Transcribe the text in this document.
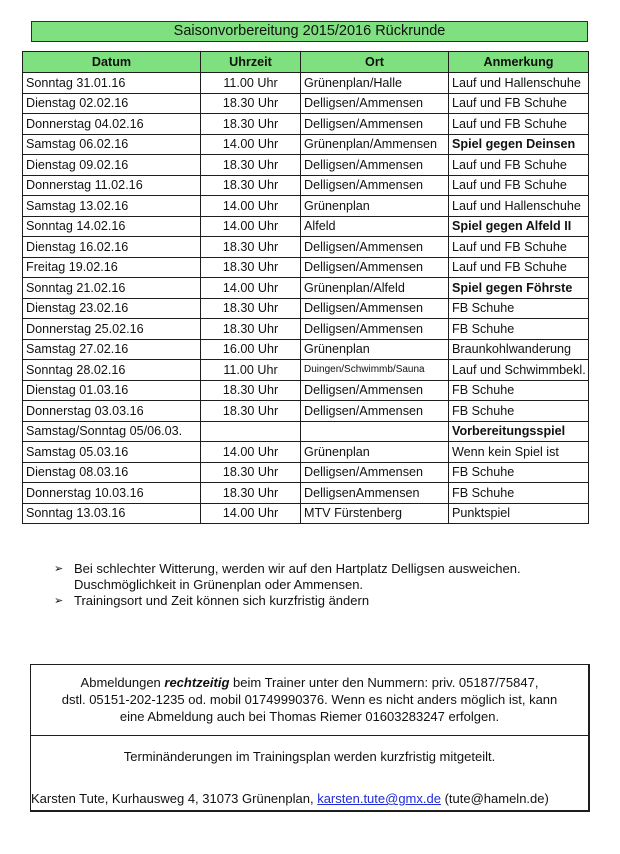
Saisonvorbereitung 2015/2016 Rückrunde
Datum	Uhrzeit	Ort	Anmerkung
Sonntag 31.01.16	11.00 Uhr	Grünenplan/Halle	Lauf und Hallenschuhe
Dienstag 02.02.16	18.30 Uhr	Delligsen/Ammensen	Lauf und FB Schuhe
Donnerstag 04.02.16	18.30 Uhr	Delligsen/Ammensen	Lauf und FB Schuhe
Samstag 06.02.16	14.00 Uhr	Grünenplan/Ammensen	Spiel gegen Deinsen
Dienstag 09.02.16	18.30 Uhr	Delligsen/Ammensen	Lauf und FB Schuhe
Donnerstag 11.02.16	18.30 Uhr	Delligsen/Ammensen	Lauf und FB Schuhe
Samstag 13.02.16	14.00 Uhr	Grünenplan	Lauf und Hallenschuhe
Sonntag 14.02.16	14.00 Uhr	Alfeld	Spiel gegen Alfeld II
Dienstag 16.02.16	18.30 Uhr	Delligsen/Ammensen	Lauf und FB Schuhe
Freitag 19.02.16	18.30 Uhr	Delligsen/Ammensen	Lauf und FB Schuhe
Sonntag 21.02.16	14.00 Uhr	Grünenplan/Alfeld	Spiel gegen Föhrste
Dienstag 23.02.16	18.30 Uhr	Delligsen/Ammensen	FB Schuhe
Donnerstag 25.02.16	18.30 Uhr	Delligsen/Ammensen	FB Schuhe
Samstag 27.02.16	16.00 Uhr	Grünenplan	Braunkohlwanderung
Sonntag 28.02.16	11.00 Uhr	Duingen/Schwimmb/Sauna	Lauf und Schwimmbekl.
Dienstag 01.03.16	18.30 Uhr	Delligsen/Ammensen	FB Schuhe
Donnerstag 03.03.16	18.30 Uhr	Delligsen/Ammensen	FB Schuhe
Samstag/Sonntag 05/06.03.			Vorbereitungsspiel
Samstag 05.03.16	14.00 Uhr	Grünenplan	Wenn kein Spiel ist
Dienstag 08.03.16	18.30 Uhr	Delligsen/Ammensen	FB Schuhe
Donnerstag 10.03.16	18.30 Uhr	DelligsenAmmensen	FB Schuhe
Sonntag 13.03.16	14.00 Uhr	MTV Fürstenberg	Punktspiel
➢ Bei schlechter Witterung, werden wir auf den Hartplatz Delligsen ausweichen.
Duschmöglichkeit in Grünenplan oder Ammensen.
➢ Trainingsort und Zeit können sich kurzfristig ändern
Abmeldungen rechtzeitig beim Trainer unter den Nummern: priv. 05187/75847,
dstl. 05151-202-1235 od. mobil 01749990376. Wenn es nicht anders möglich ist, kann
eine Abmeldung auch bei Thomas Riemer 01603283247 erfolgen.
Terminänderungen im Trainingsplan werden kurzfristig mitgeteilt.
Karsten Tute, Kurhausweg 4, 31073 Grünenplan, karsten.tute@gmx.de (tute@hameln.de)
